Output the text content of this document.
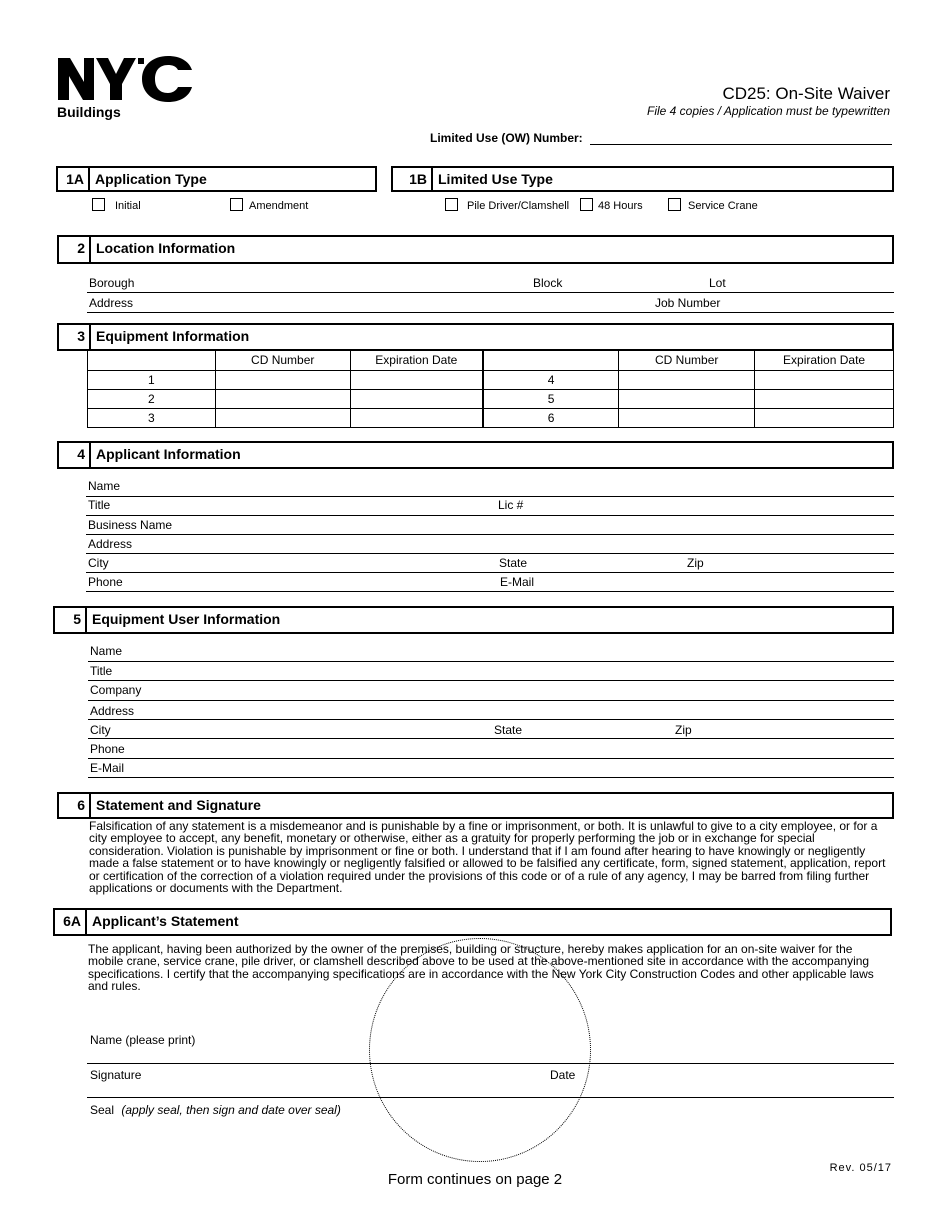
Buildings
CD25: On-Site Waiver
File 4 copies / Application must be typewritten
Limited Use (OW) Number:
1A Application Type
Initial	Amendment
1B Limited Use Type
Pile Driver/Clamshell	48 Hours	Service Crane
2 Location Information
Borough	Block	Lot
Address	Job Number
3 Equipment Information
	CD Number	Expiration Date		CD Number	Expiration Date
1			4		
2			5		
3			6		
4 Applicant Information
Name
Title	Lic #
Business Name
Address
City	State	Zip
Phone	E-Mail
5 Equipment User Information
Name
Title
Company
Address
City	State	Zip
Phone
E-Mail
6 Statement and Signature
Falsification of any statement is a misdemeanor and is punishable by a fine or imprisonment, or both. It is unlawful to give to a city employee, or for a city employee to accept, any benefit, monetary or otherwise, either as a gratuity for properly performing the job or in exchange for special consideration. Violation is punishable by imprisonment or fine or both. I understand that if I am found after hearing to have knowingly or negligently made a false statement or to have knowingly or negligently falsified or allowed to be falsified any certificate, form, signed statement, application, report or certification of the correction of a violation required under the provisions of this code or of a rule of any agency, I may be barred from filing further applications or documents with the Department.
6A Applicant’s Statement
The applicant, having been authorized by the owner of the premises, building or structure, hereby makes application for an on-site waiver for the mobile crane, service crane, pile driver, or clamshell described above to be used at the above-mentioned site in accordance with the accompanying specifications. I certify that the accompanying specifications are in accordance with the New York City Construction Codes and other applicable laws and rules.
Name (please print)
Signature	Date
Seal (apply seal, then sign and date over seal)
Rev. 05/17
Form continues on page 2
